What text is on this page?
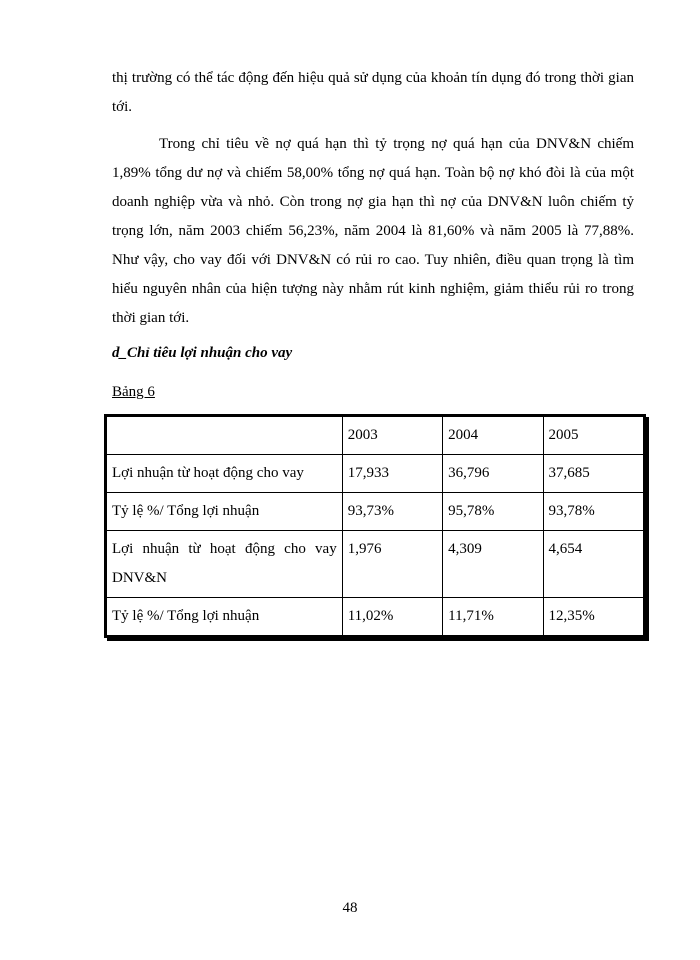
thị trường có thể tác động đến hiệu quả sử dụng của khoản tín dụng đó trong thời gian tới.

Trong chỉ tiêu về nợ quá hạn thì tỷ trọng nợ quá hạn của DNV&N chiếm 1,89% tổng dư nợ và chiếm 58,00% tổng nợ quá hạn. Toàn bộ nợ khó đòi là của một doanh nghiệp vừa và nhỏ. Còn trong nợ gia hạn thì nợ của DNV&N luôn chiếm tỷ trọng lớn, năm 2003 chiếm 56,23%, năm 2004 là 81,60% và năm 2005 là 77,88%. Như vậy, cho vay đối với DNV&N có rủi ro cao. Tuy nhiên, điều quan trọng là tìm hiểu nguyên nhân của hiện tượng này nhằm rút kinh nghiệm, giảm thiểu rủi ro trong thời gian tới.

d_Chỉ tiêu lợi nhuận cho vay

Bảng 6

	2003	2004	2005
Lợi nhuận từ hoạt động cho vay	17,933	36,796	37,685
Tỷ lệ %/ Tổng lợi nhuận	93,73%	95,78%	93,78%
Lợi nhuận từ hoạt động cho vay DNV&N	1,976	4,309	4,654
Tỷ lệ %/ Tổng lợi nhuận	11,02%	11,71%	12,35%
48
